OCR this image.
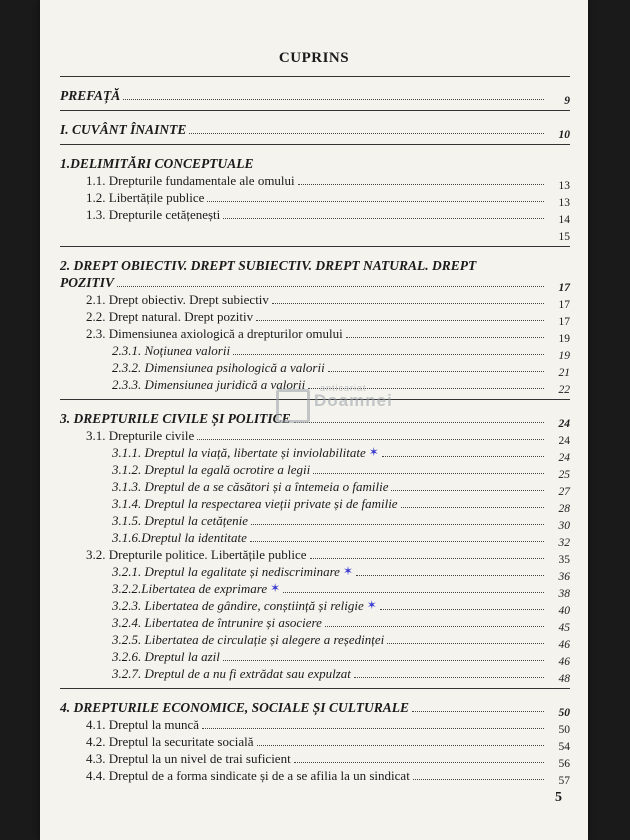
CUPRINS
PREFAȚĂ	9
I. CUVÂNT ÎNAINTE	10
1.DELIMITĂRI CONCEPTUALE
1.1. Drepturile fundamentale ale omului	13
1.2. Libertățile publice	13
1.3. Drepturile cetățenești	14
15
2. DREPT OBIECTIV. DREPT SUBIECTIV. DREPT NATURAL. DREPT
POZITIV	17
2.1. Drept obiectiv. Drept subiectiv	17
2.2. Drept natural. Drept pozitiv	17
2.3. Dimensiunea axiologică a drepturilor omului	19
2.3.1. Noțiunea valorii	19
2.3.2. Dimensiunea psihologică a valorii	21
2.3.3. Dimensiunea juridică a valorii	22
3. DREPTURILE CIVILE ȘI POLITICE	24
3.1. Drepturile civile	24
3.1.1. Dreptul la viață, libertate și inviolabilitate ✶	24
3.1.2. Dreptul la egală ocrotire a legii	25
3.1.3. Dreptul de a se căsători și a întemeia o familie	27
3.1.4. Dreptul la respectarea vieții private și de familie	28
3.1.5. Dreptul la cetățenie	30
3.1.6.Dreptul la identitate	32
3.2. Drepturile politice. Libertățile publice	35
3.2.1. Dreptul la egalitate și nediscriminare ✶	36
3.2.2.Libertatea de exprimare ✶	38
3.2.3. Libertatea de gândire, conștiință și religie ✶	40
3.2.4. Libertatea de întrunire și asociere	45
3.2.5. Libertatea de circulație și alegere a reședinței	46
3.2.6. Dreptul la azil	46
3.2.7. Dreptul de a nu fi extrădat sau expulzat	48
4. DREPTURILE ECONOMICE, SOCIALE ȘI CULTURALE	50
4.1. Dreptul la muncă	50
4.2. Dreptul la securitate socială	54
4.3. Dreptul la un nivel de trai suficient	56
4.4. Dreptul de a forma sindicate și de a se afilia la un sindicat	57
anticariat
Doamnei
5
